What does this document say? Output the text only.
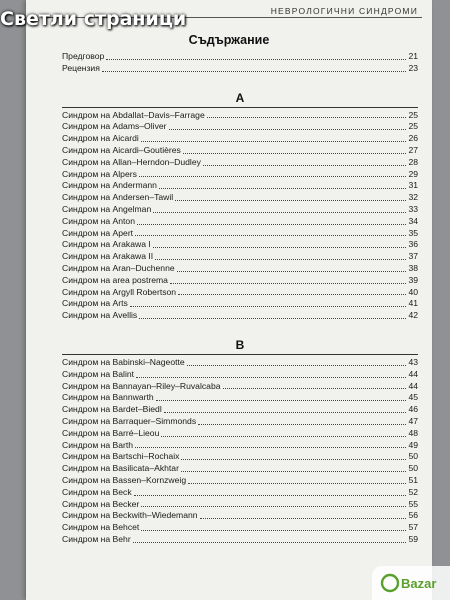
НЕВРОЛОГИЧНИ СИНДРОМИ
Съдържание
Предговор	21
Рецензия	23
A
Синдром на Abdallat–Davis–Farrage	25
Синдром на Adams–Oliver	25
Синдром на Aicardi	26
Синдром на Aicardi–Goutières	27
Синдром на Allan–Herndon–Dudley	28
Синдром на Alpers	29
Синдром на Andermann	31
Синдром на Andersen–Tawil	32
Синдром на Angelman	33
Синдром на Anton	34
Синдром на Apert	35
Синдром на Arakawa I	36
Синдром на Arakawa II	37
Синдром на Aran–Duchenne	38
Синдром на area postrema	39
Синдром на Argyll Robertson	40
Синдром на Arts	41
Синдром на Avellis	42
B
Синдром на Babinski–Nageotte	43
Синдром на Balint	44
Синдром на Bannayan–Riley–Ruvalcaba	44
Синдром на Bannwarth	45
Синдром на Bardet–Biedl	46
Синдром на Barraquer–Simmonds	47
Синдром на Barré–Lieou	48
Синдром на Barth	49
Синдром на Bartschi–Rochaix	50
Синдром на Basilicata–Akhtar	50
Синдром на Bassen–Kornzweig	51
Синдром на Beck	52
Синдром на Becker	55
Синдром на Beckwith–Wiedemann	56
Синдром на Behcet	57
Синдром на Behr	59
Светли страници
Bazar
